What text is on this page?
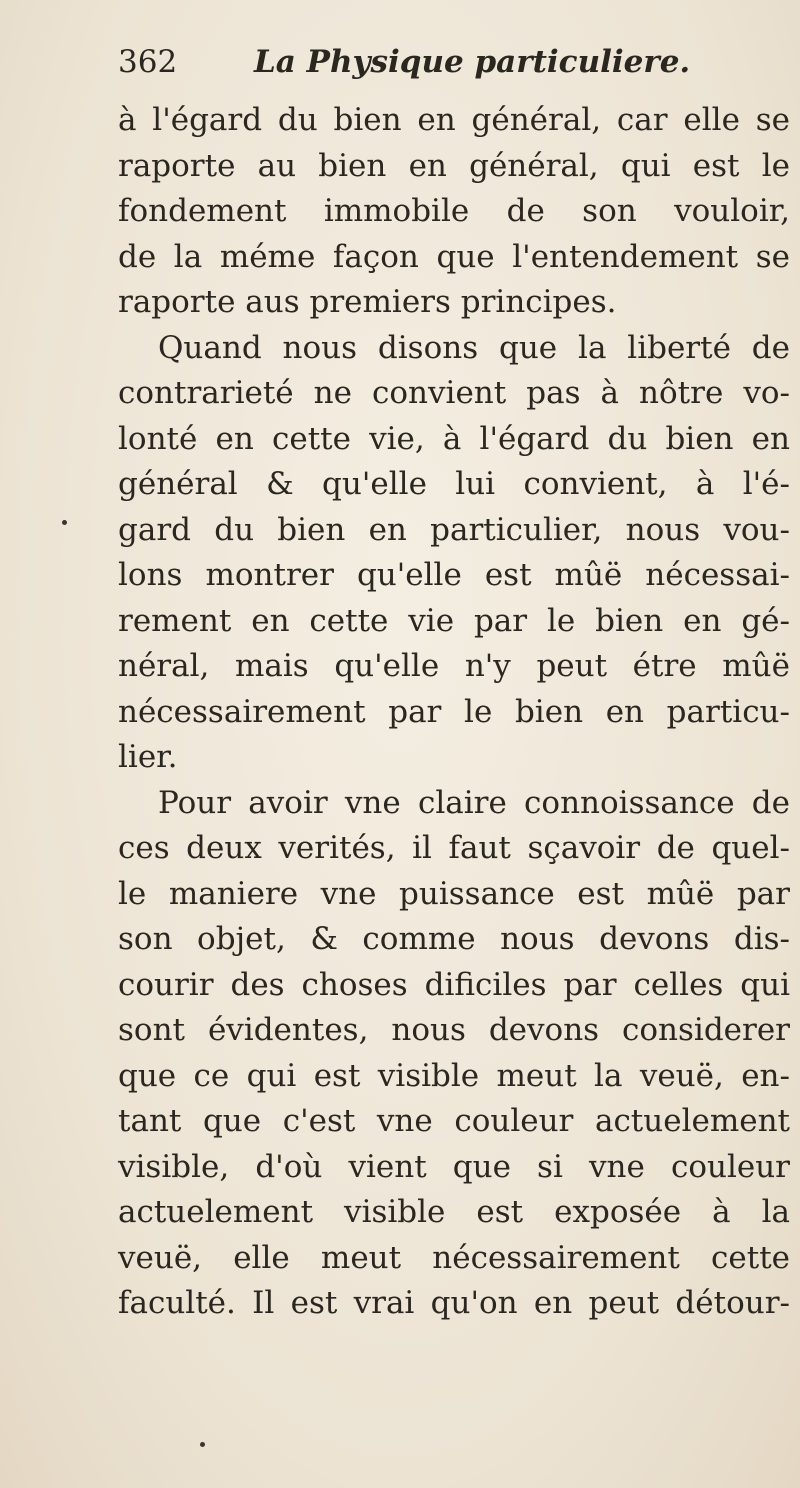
362 La Physique particuliere.
à l'égard du bien en général, car elle se
raporte au bien en général, qui est le
fondement immobile de son vouloir,
de la méme façon que l'entendement se
raporte aus premiers principes.
Quand nous disons que la liberté de
contrarieté ne convient pas à nôtre vo-
lonté en cette vie, à l'égard du bien en
général & qu'elle lui convient, à l'é-
gard du bien en particulier, nous vou-
lons montrer qu'elle est mûë nécessai-
rement en cette vie par le bien en gé-
néral, mais qu'elle n'y peut étre mûë
nécessairement par le bien en particu-
lier.
Pour avoir vne claire connoissance de
ces deux verités, il faut sçavoir de quel-
le maniere vne puissance est mûë par
son objet, & comme nous devons dis-
courir des choses dificiles par celles qui
sont évidentes, nous devons considerer
que ce qui est visible meut la veuë, en-
tant que c'est vne couleur actuelement
visible, d'où vient que si vne couleur
actuelement visible est exposée à la
veuë, elle meut nécessairement cette
faculté. Il est vrai qu'on en peut détour-
